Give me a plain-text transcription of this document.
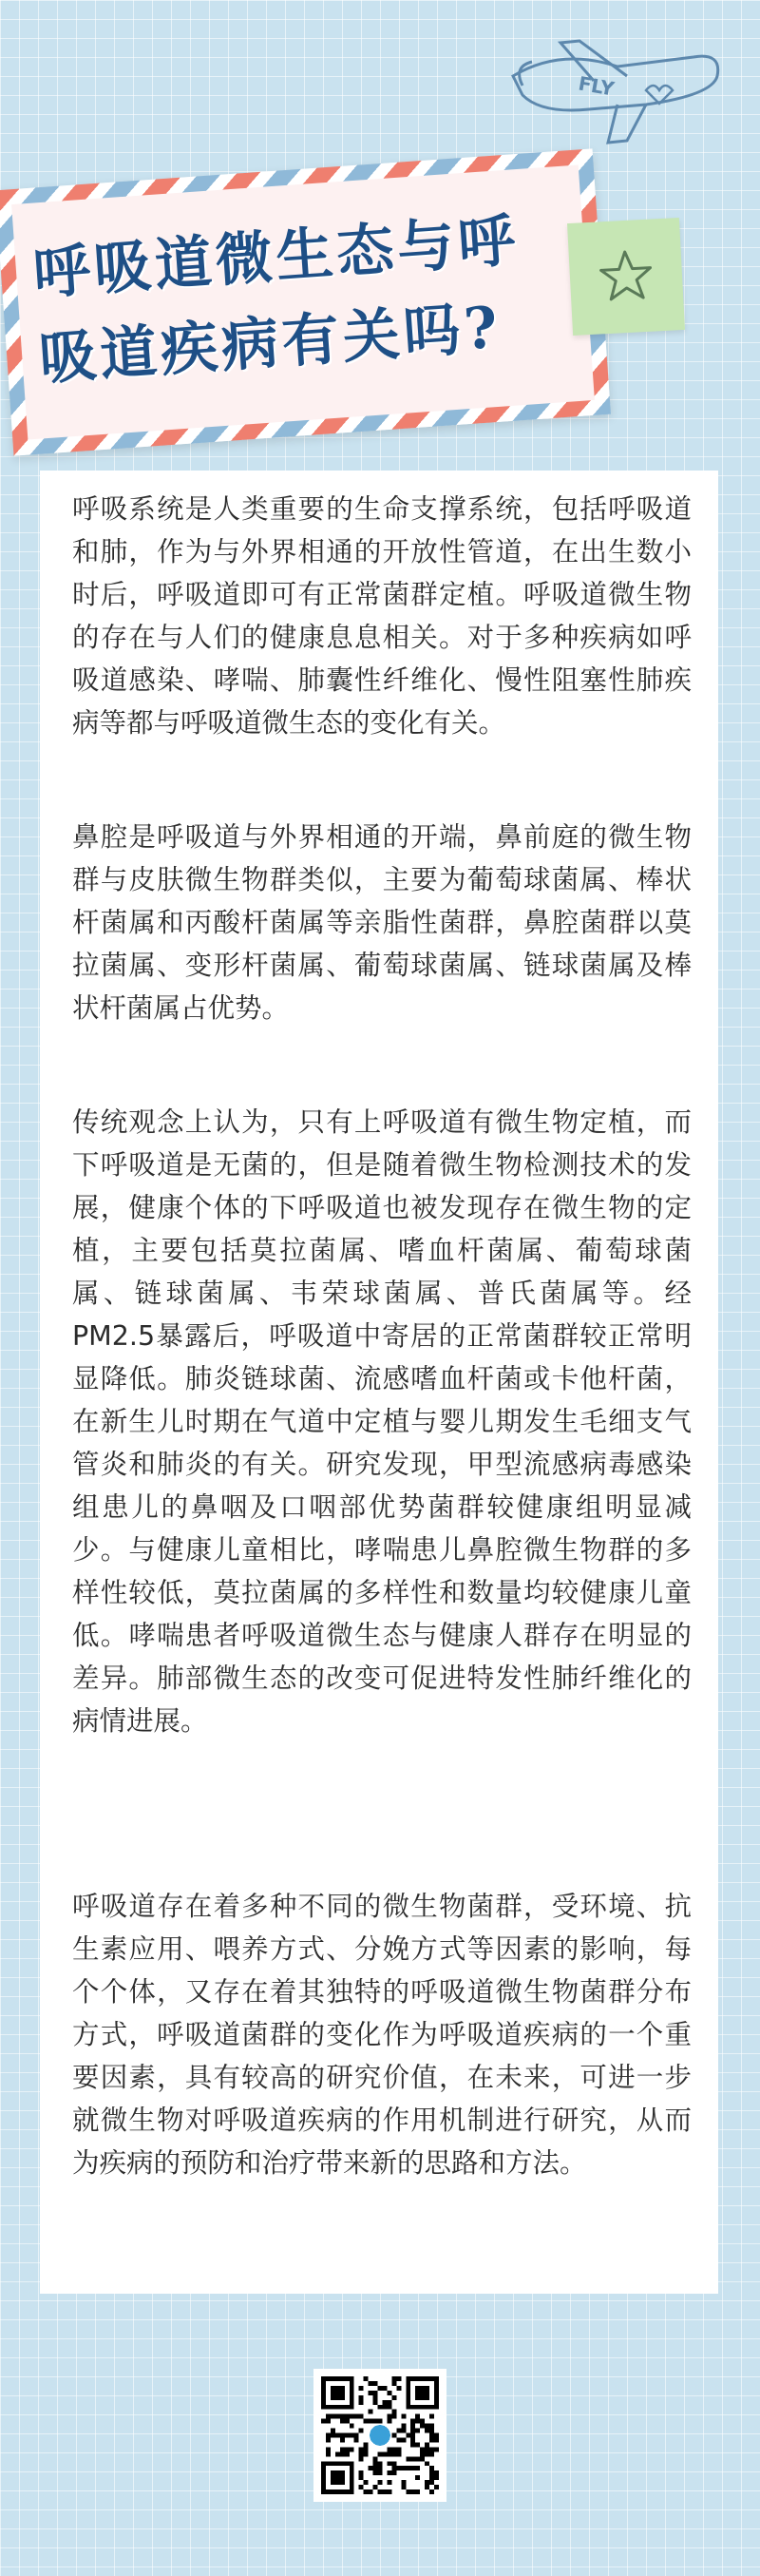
FLY
呼吸道微生态与呼
吸道疾病有关吗?

呼吸系统是人类重要的生命支撑系统，包括呼吸道和肺，作为与外界相通的开放性管道，在出生数小时后，呼吸道即可有正常菌群定植。呼吸道微生物的存在与人们的健康息息相关。对于多种疾病如呼吸道感染、哮喘、肺囊性纤维化、慢性阻塞性肺疾病等都与呼吸道微生态的变化有关。

鼻腔是呼吸道与外界相通的开端，鼻前庭的微生物群与皮肤微生物群类似，主要为葡萄球菌属、棒状杆菌属和丙酸杆菌属等亲脂性菌群，鼻腔菌群以莫拉菌属、变形杆菌属、葡萄球菌属、链球菌属及棒状杆菌属占优势。

传统观念上认为，只有上呼吸道有微生物定植，而下呼吸道是无菌的，但是随着微生物检测技术的发展，健康个体的下呼吸道也被发现存在微生物的定植，主要包括莫拉菌属、嗜血杆菌属、葡萄球菌属、链球菌属、韦荣球菌属、普氏菌属等。经PM2.5暴露后，呼吸道中寄居的正常菌群较正常明显降低。肺炎链球菌、流感嗜血杆菌或卡他杆菌，在新生儿时期在气道中定植与婴儿期发生毛细支气管炎和肺炎的有关。研究发现，甲型流感病毒感染组患儿的鼻咽及口咽部优势菌群较健康组明显减少。与健康儿童相比，哮喘患儿鼻腔微生物群的多样性较低，莫拉菌属的多样性和数量均较健康儿童低。哮喘患者呼吸道微生态与健康人群存在明显的差异。肺部微生态的改变可促进特发性肺纤维化的病情进展。

呼吸道存在着多种不同的微生物菌群，受环境、抗生素应用、喂养方式、分娩方式等因素的影响，每个个体，又存在着其独特的呼吸道微生物菌群分布方式，呼吸道菌群的变化作为呼吸道疾病的一个重要因素，具有较高的研究价值，在未来，可进一步就微生物对呼吸道疾病的作用机制进行研究，从而为疾病的预防和治疗带来新的思路和方法。
